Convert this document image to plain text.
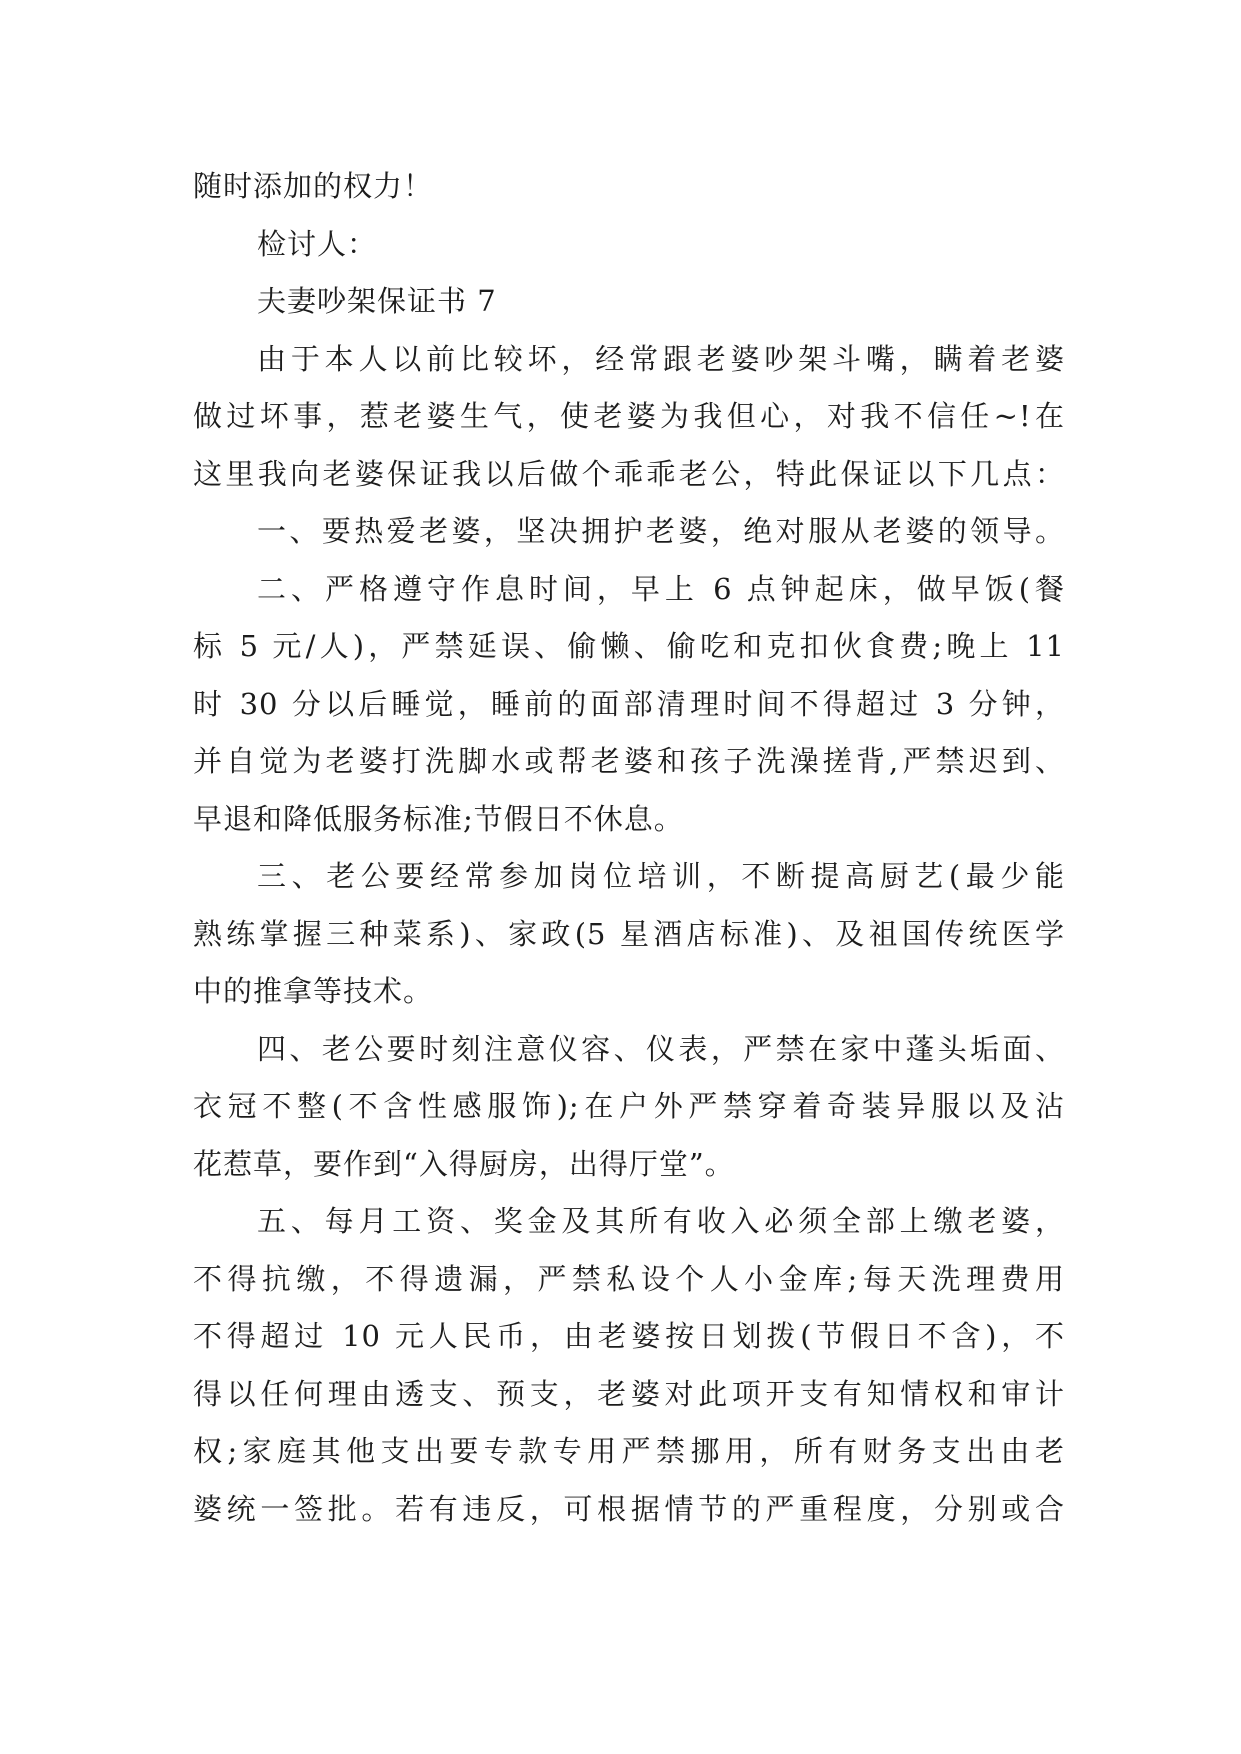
随时添加的权力！
检讨人：
夫妻吵架保证书 7
由于本人以前比较坏，经常跟老婆吵架斗嘴，瞒着老婆
做过坏事，惹老婆生气，使老婆为我但心，对我不信任~!在
这里我向老婆保证我以后做个乖乖老公，特此保证以下几点：
一、要热爱老婆，坚决拥护老婆，绝对服从老婆的领导。
二、严格遵守作息时间，早上 6 点钟起床，做早饭(餐
标 5 元/人)，严禁延误、偷懒、偷吃和克扣伙食费;晚上 11
时 30 分以后睡觉，睡前的面部清理时间不得超过 3 分钟，
并自觉为老婆打洗脚水或帮老婆和孩子洗澡搓背,严禁迟到、
早退和降低服务标准;节假日不休息。
三、老公要经常参加岗位培训，不断提高厨艺(最少能
熟练掌握三种菜系)、家政(5 星酒店标准)、及祖国传统医学
中的推拿等技术。
四、老公要时刻注意仪容、仪表，严禁在家中蓬头垢面、
衣冠不整(不含性感服饰);在户外严禁穿着奇装异服以及沾
花惹草，要作到“入得厨房，出得厅堂”。
五、每月工资、奖金及其所有收入必须全部上缴老婆，
不得抗缴，不得遗漏，严禁私设个人小金库;每天洗理费用
不得超过 10 元人民币，由老婆按日划拨(节假日不含)，不
得以任何理由透支、预支，老婆对此项开支有知情权和审计
权;家庭其他支出要专款专用严禁挪用，所有财务支出由老
婆统一签批。若有违反，可根据情节的严重程度，分别或合
